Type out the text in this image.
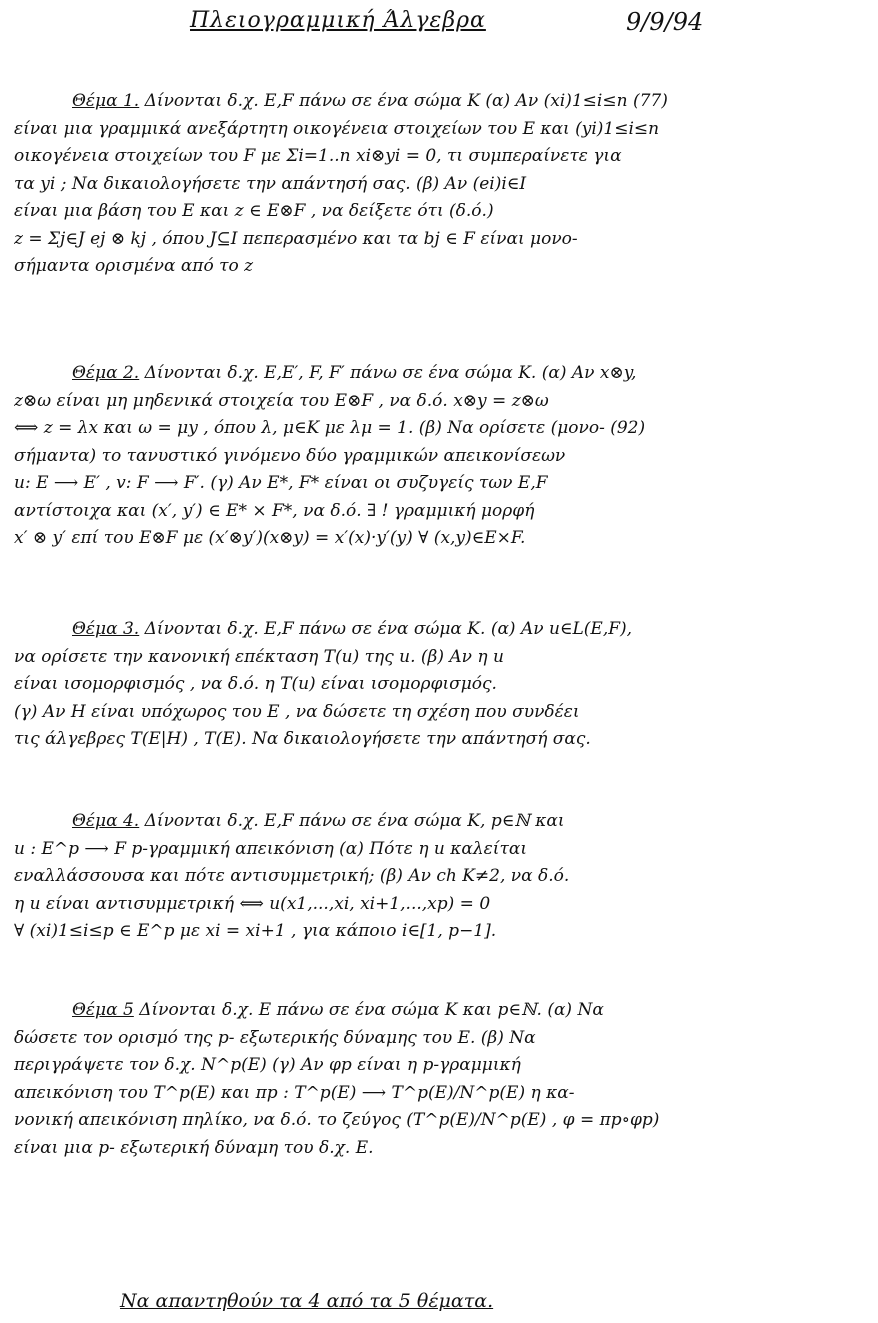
Πλειογραμμική Άλγεβρα	9/9/94

Θέμα 1. Δίνονται δ.χ. E,F πάνω σε ένα σώμα K (α) Αν (xi)1≤i≤n (77)

είναι μια γραμμικά ανεξάρτητη οικογένεια στοιχείων του E και (yi)1≤i≤n

οικογένεια στοιχείων του F με Σi=1..n xi⊗yi = 0, τι συμπεραίνετε για

τα yi ; Να δικαιολογήσετε την απάντησή σας. (β) Αν (ei)i∈I

είναι μια βάση του E και z ∈ E⊗F , να δείξετε ότι (δ.ό.)

z = Σj∈J ej ⊗ kj , όπου J⊆I πεπερασμένο και τα bj ∈ F είναι μονο-

σήμαντα ορισμένα από το z

Θέμα 2. Δίνονται δ.χ. E,E′, F, F′ πάνω σε ένα σώμα K. (α) Αν x⊗y,

z⊗ω είναι μη μηδενικά στοιχεία του E⊗F , να δ.ό. x⊗y = z⊗ω

⟺ z = λx και ω = μy , όπου λ, μ∈K με λμ = 1. (β) Να ορίσετε (μονο- (92)

σήμαντα) το τανυστικό γινόμενο δύο γραμμικών απεικονίσεων

u: E ⟶ E′ , v: F ⟶ F′. (γ) Αν E*, F* είναι οι συζυγείς των E,F

αντίστοιχα και (x′, y′) ∈ E* × F*, να δ.ό. ∃ ! γραμμική μορφή

x′ ⊗ y′ επί του E⊗F με (x′⊗y′)(x⊗y) = x′(x)·y′(y) ∀ (x,y)∈E×F.

Θέμα 3. Δίνονται δ.χ. E,F πάνω σε ένα σώμα K. (α) Αν u∈L(E,F),

να ορίσετε την κανονική επέκταση T(u) της u. (β) Αν η u

είναι ισομορφισμός , να δ.ό. η T(u) είναι ισομορφισμός.

(γ) Αν H είναι υπόχωρος του E , να δώσετε τη σχέση που συνδέει

τις άλγεβρες T(E|H) , T(E). Να δικαιολογήσετε την απάντησή σας.

Θέμα 4. Δίνονται δ.χ. E,F πάνω σε ένα σώμα K, p∈ℕ και

u : E^p ⟶ F p-γραμμική απεικόνιση (α) Πότε η u καλείται

εναλλάσσουσα και πότε αντισυμμετρική; (β) Αν ch K≠2, να δ.ό.

η u είναι αντισυμμετρική ⟺ u(x1,...,xi, xi+1,...,xp) = 0

∀ (xi)1≤i≤p ∈ E^p με xi = xi+1 , για κάποιο i∈[1, p−1].

Θέμα 5 Δίνονται δ.χ. E πάνω σε ένα σώμα K και p∈ℕ. (α) Να

δώσετε τον ορισμό της p- εξωτερικής δύναμης του E. (β) Να

περιγράψετε τον δ.χ. N^p(E) (γ) Αν φp είναι η p-γραμμική

απεικόνιση του T^p(E) και πp : T^p(E) ⟶ T^p(E)/N^p(E) η κα-

νονική απεικόνιση πηλίκο, να δ.ό. το ζεύγος (T^p(E)/N^p(E) , φ = πp∘φp)

είναι μια p- εξωτερική δύναμη του δ.χ. E.

Να απαντηθούν τα 4 από τα 5 θέματα.
